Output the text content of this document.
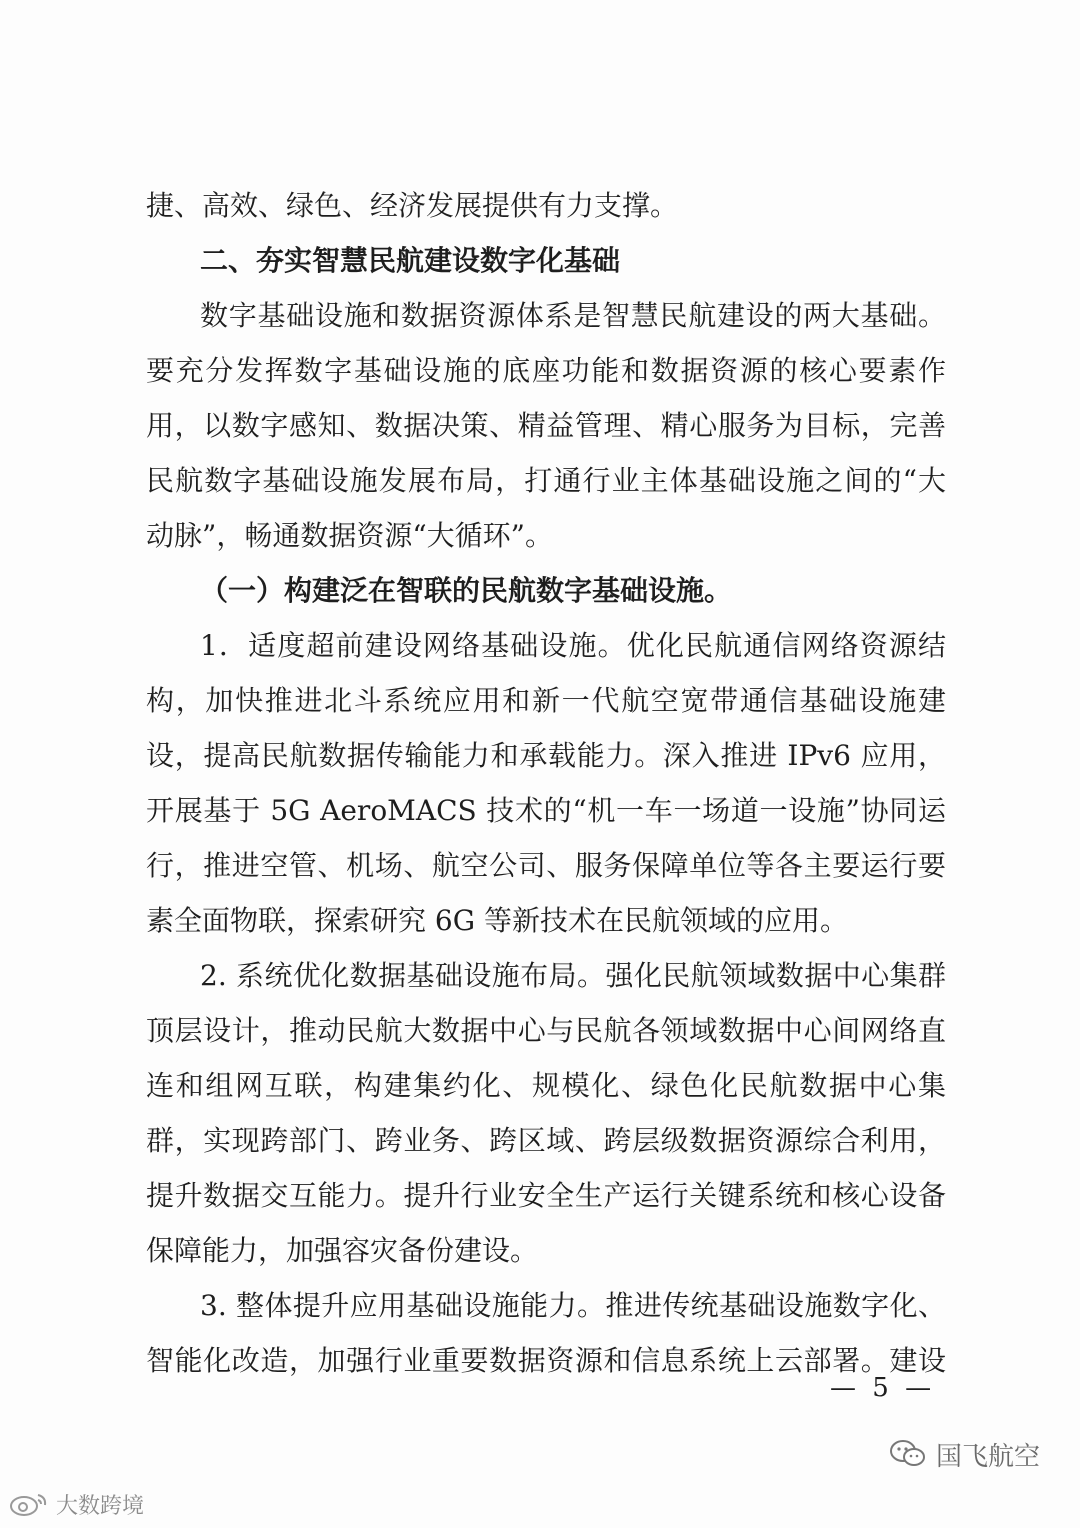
捷、高效、绿色、经济发展提供有力支撑。
二、夯实智慧民航建设数字化基础
数字基础设施和数据资源体系是智慧民航建设的两大基础。
要充分发挥数字基础设施的底座功能和数据资源的核心要素作
用，以数字感知、数据决策、精益管理、精心服务为目标，完善
民航数字基础设施发展布局，打通行业主体基础设施之间的“大
动脉”，畅通数据资源“大循环”。
（一）构建泛在智联的民航数字基础设施。
1．适度超前建设网络基础设施。优化民航通信网络资源结
构，加快推进北斗系统应用和新一代航空宽带通信基础设施建
设，提高民航数据传输能力和承载能力。深入推进 IPv6 应用，
开展基于 5G AeroMACS 技术的“机一车一场道一设施”协同运
行，推进空管、机场、航空公司、服务保障单位等各主要运行要
素全面物联，探索研究 6G 等新技术在民航领域的应用。
2. 系统优化数据基础设施布局。强化民航领域数据中心集群
顶层设计，推动民航大数据中心与民航各领域数据中心间网络直
连和组网互联，构建集约化、规模化、绿色化民航数据中心集
群，实现跨部门、跨业务、跨区域、跨层级数据资源综合利用，
提升数据交互能力。提升行业安全生产运行关键系统和核心设备
保障能力，加强容灾备份建设。
3. 整体提升应用基础设施能力。推进传统基础设施数字化、
智能化改造，加强行业重要数据资源和信息系统上云部署。建设
— 5 —
国飞航空
大数跨境
